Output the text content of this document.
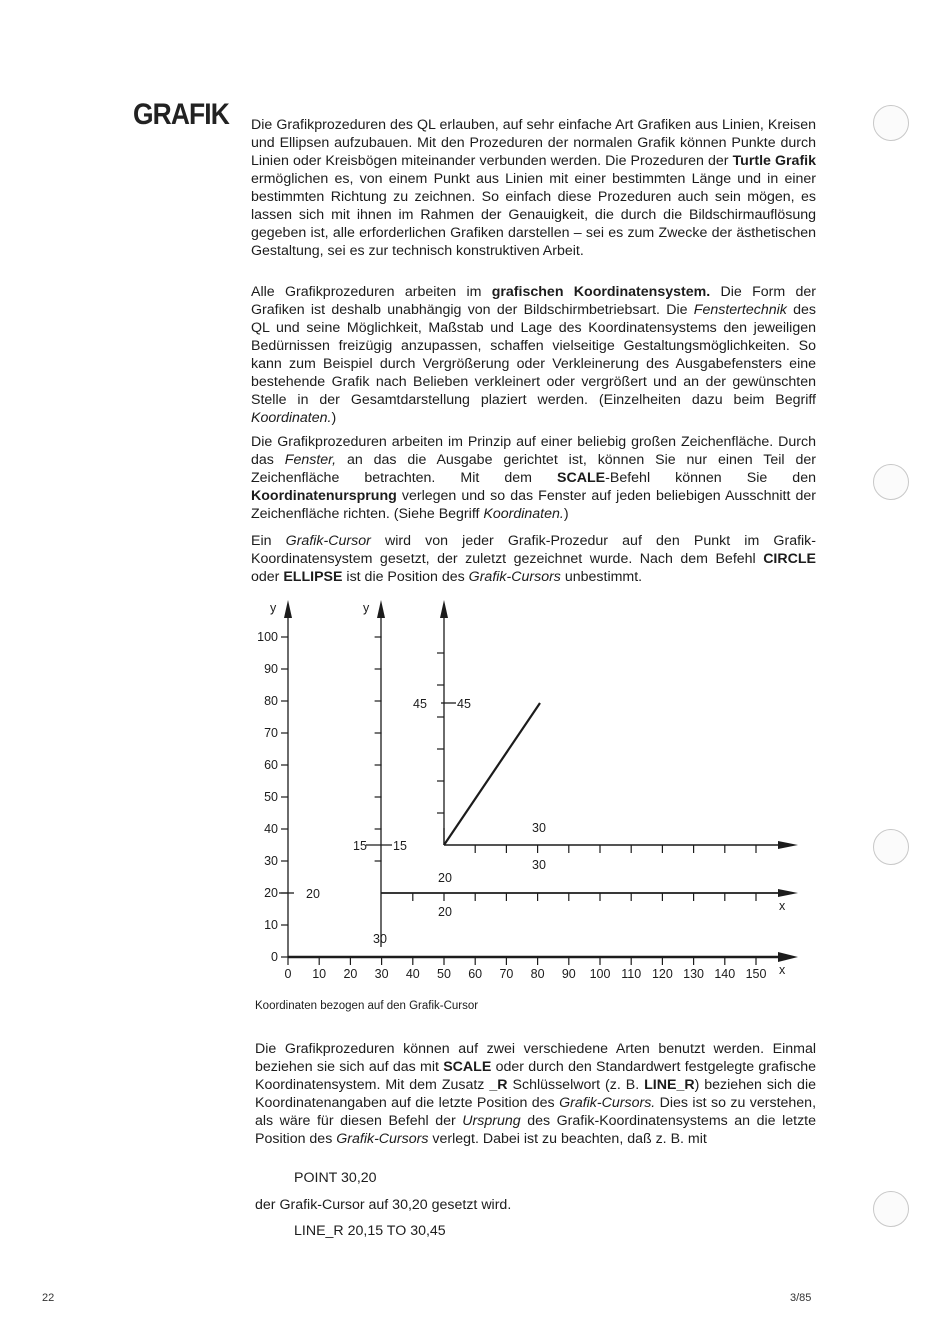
GRAFIK Die Grafikprozeduren des QL erlauben, auf sehr einfache Art Grafiken aus Linien, Kreisen und Ellipsen aufzubauen. Mit den Prozeduren der normalen Grafik können Punkte durch Linien oder Kreisbögen miteinander verbunden werden. Die Prozeduren der Turtle Grafik ermöglichen es, von einem Punkt aus Linien mit einer bestimmten Länge und in einer bestimmten Richtung zu zeichnen. So einfach diese Prozeduren auch sein mögen, es lassen sich mit ihnen im Rahmen der Genauigkeit, die durch die Bildschirmauflösung gegeben ist, alle erforderlichen Grafiken darstellen – sei es zum Zwecke der ästhetischen Gestaltung, sei es zur technisch konstruktiven Arbeit.

Alle Grafikprozeduren arbeiten im grafischen Koordinatensystem. Die Form der Grafiken ist deshalb unabhängig von der Bildschirmbetriebsart. Die Fenstertechnik des QL und seine Möglichkeit, Maßstab und Lage des Koordinatensystems den jeweiligen Bedürnissen freizügig anzupassen, schaffen vielseitige Gestaltungsmöglichkeiten. So kann zum Beispiel durch Vergrößerung oder Verkleinerung des Ausgabefensters eine bestehende Grafik nach Belieben verkleinert oder vergrößert und an der gewünschten Stelle in der Gesamtdarstellung plaziert werden. (Einzelheiten dazu beim Begriff Koordinaten.)

Die Grafikprozeduren arbeiten im Prinzip auf einer beliebig großen Zeichenfläche. Durch das Fenster, an das die Ausgabe gerichtet ist, können Sie nur einen Teil der Zeichenfläche betrachten. Mit dem SCALE-Befehl können Sie den Koordinatenursprung verlegen und so das Fenster auf jeden beliebigen Ausschnitt der Zeichenfläche richten. (Siehe Begriff Koordinaten.)

Ein Grafik-Cursor wird von jeder Grafik-Prozedur auf den Punkt im Grafik-Koordinatensystem gesetzt, der zuletzt gezeichnet wurde. Nach dem Befehl CIRCLE oder ELLIPSE ist die Position des Grafik-Cursors unbestimmt.

y	y
x
x
100
90
80
70
60
50
40
30
20
10
0
0 10 20 30 40 50 60 70 80 90 100 110 120 130 140 150
20
30
15 15
20
20
45 45
30
30

Koordinaten bezogen auf den Grafik-Cursor

Die Grafikprozeduren können auf zwei verschiedene Arten benutzt werden. Einmal beziehen sie sich auf das mit SCALE oder durch den Standardwert festgelegte grafische Koordinatensystem. Mit dem Zusatz _R Schlüsselwort (z. B. LINE_R) beziehen sich die Koordinatenangaben auf die letzte Position des Grafik-Cursors. Dies ist so zu verstehen, als wäre für diesen Befehl der Ursprung des Grafik-Koordinatensystems an die letzte Position des Grafik-Cursors verlegt. Dabei ist zu beachten, daß z. B. mit

POINT 30,20

der Grafik-Cursor auf 30,20 gesetzt wird.

LINE_R 20,15 TO 30,45

22	3/85
